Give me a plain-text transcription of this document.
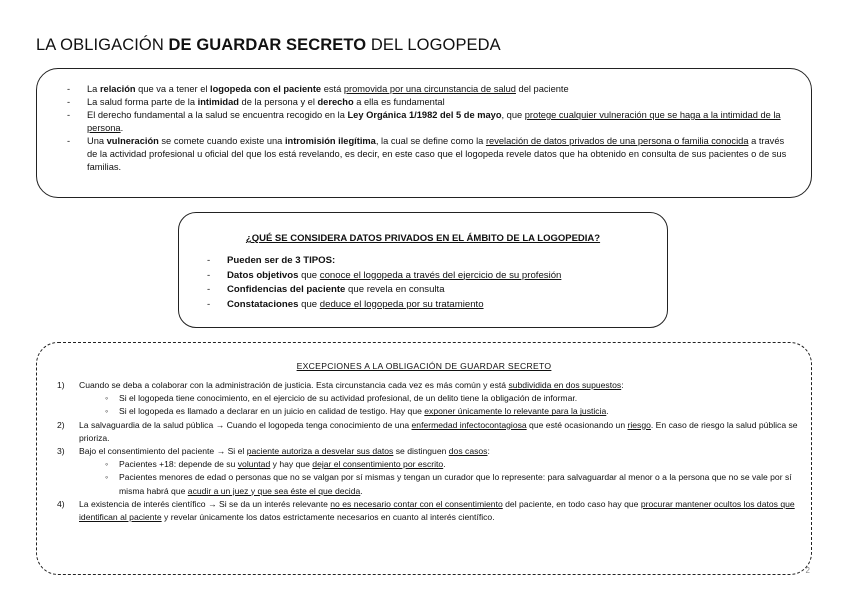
LA OBLIGACIÓN DE GUARDAR SECRETO DEL LOGOPEDA
- La relación que va a tener el logopeda con el paciente está promovida por una circunstancia de salud del paciente
- La salud forma parte de la intimidad de la persona y el derecho a ella es fundamental
- El derecho fundamental a la salud se encuentra recogido en la Ley Orgánica 1/1982 del 5 de mayo, que protege cualquier vulneración que se haga a la intimidad de la persona.
- Una vulneración se comete cuando existe una intromisión ilegítima, la cual se define como la revelación de datos privados de una persona o familia conocida a través de la actividad profesional u oficial del que los está revelando, es decir, en este caso que el logopeda revele datos que ha obtenido en consulta de sus pacientes o de sus familias.
¿QUÉ SE CONSIDERA DATOS PRIVADOS EN EL ÁMBITO DE LA LOGOPEDIA?
- Pueden ser de 3 TIPOS:
- Datos objetivos que conoce el logopeda a través del ejercicio de su profesión
- Confidencias del paciente que revela en consulta
- Constataciones que deduce el logopeda por su tratamiento
EXCEPCIONES A LA OBLIGACIÓN DE GUARDAR SECRETO
1) Cuando se deba a colaborar con la administración de justicia. Esta circunstancia cada vez es más común y está subdividida en dos supuestos:
◦ Si el logopeda tiene conocimiento, en el ejercicio de su actividad profesional, de un delito tiene la obligación de informar.
◦ Si el logopeda es llamado a declarar en un juicio en calidad de testigo. Hay que exponer únicamente lo relevante para la justicia.
2) La salvaguardia de la salud pública → Cuando el logopeda tenga conocimiento de una enfermedad infectocontagiosa que esté ocasionando un riesgo. En caso de riesgo la salud pública se prioriza.
3) Bajo el consentimiento del paciente → Si el paciente autoriza a desvelar sus datos se distinguen dos casos:
◦ Pacientes +18: depende de su voluntad y hay que dejar el consentimiento por escrito.
◦ Pacientes menores de edad o personas que no se valgan por sí mismas y tengan un curador que lo represente: para salvaguardar al menor o a la persona que no se vale por sí misma habrá que acudir a un juez y que sea éste el que decida.
4) La existencia de interés científico → Si se da un interés relevante no es necesario contar con el consentimiento del paciente, en todo caso hay que procurar mantener ocultos los datos que identifican al paciente y revelar únicamente los datos estrictamente necesarios en cuanto al interés científico.
2
